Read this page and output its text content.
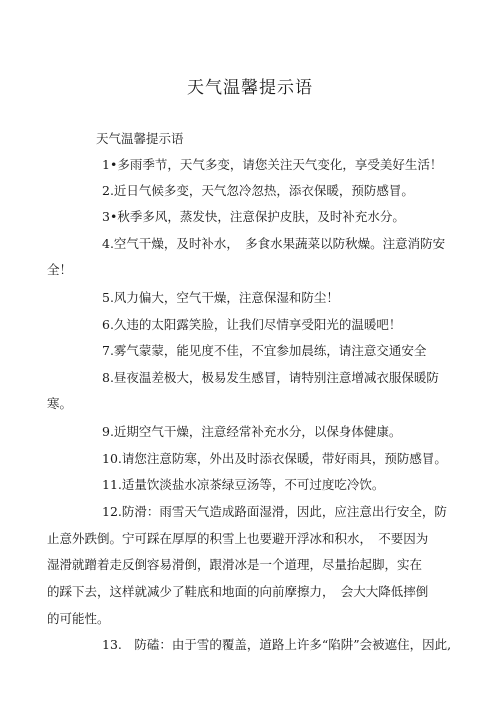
天气温馨提示语
天气温馨提示语
1•多雨季节，天气多变，请您关注天气变化，享受美好生活！
2.近日气候多变，天气忽冷忽热，添衣保暖，预防感冒。
3•秋季多风，蒸发快，注意保护皮肤，及时补充水分。
4.空气干燥，及时补水，　多食水果蔬菜以防秋燥。注意消防安
全！
5.风力偏大，空气干燥，注意保湿和防尘！
6.久违的太阳露笑脸，让我们尽情享受阳光的温暖吧！
7.雾气蒙蒙，能见度不佳，不宜参加晨练，请注意交通安全
8.昼夜温差极大，极易发生感冒，请特别注意增减衣服保暖防
寒。
9.近期空气干燥，注意经常补充水分，以保身体健康。
10.请您注意防寒，外出及时添衣保暖，带好雨具，预防感冒。
11.适量饮淡盐水凉茶绿豆汤等，不可过度吃冷饮。
12.防滑：雨雪天气造成路面湿滑，因此，应注意出行安全，防
止意外跌倒。宁可踩在厚厚的积雪上也要避开浮冰和积水，　不要因为
湿滑就蹭着走反倒容易滑倒，跟滑冰是一个道理，尽量抬起脚，实在
的踩下去，这样就减少了鞋底和地面的向前摩擦力，　会大大降低摔倒
的可能性。
13.　防磕：由于雪的覆盖，道路上许多“陷阱”会被遮住，因此,
